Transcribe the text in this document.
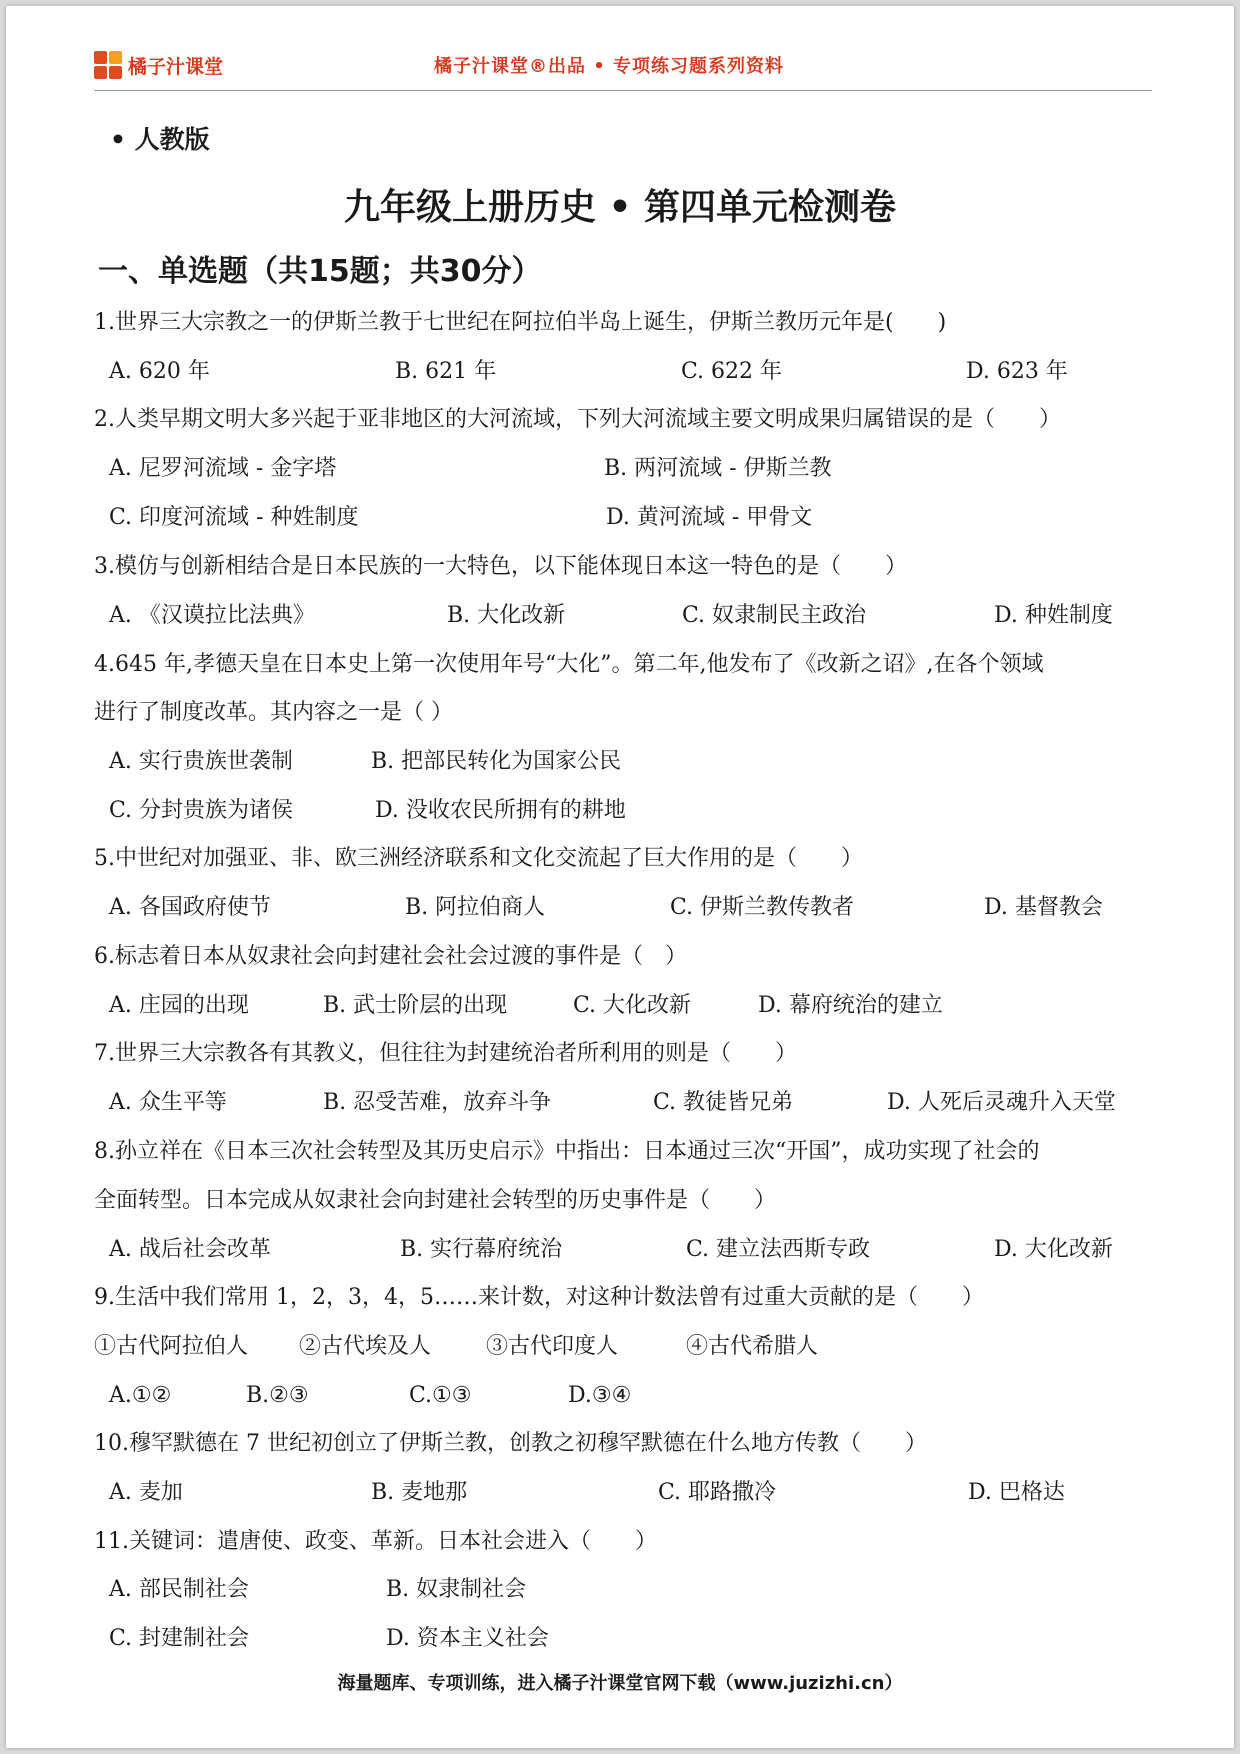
橘子汁课堂	橘子汁课堂®出品 • 专项练习题系列资料
• 人教版
九年级上册历史 • 第四单元检测卷
一、单选题（共15题；共30分）
1.世界三大宗教之一的伊斯兰教于七世纪在阿拉伯半岛上诞生，伊斯兰教历元年是(　　)
A. 620 年	B. 621 年	C. 622 年	D. 623 年
2.人类早期文明大多兴起于亚非地区的大河流域，下列大河流域主要文明成果归属错误的是（　　）
A. 尼罗河流域 - 金字塔	B. 两河流域 - 伊斯兰教
C. 印度河流域 - 种姓制度	D. 黄河流域 - 甲骨文
3.模仿与创新相结合是日本民族的一大特色，以下能体现日本这一特色的是（　　）
A. 《汉谟拉比法典》	B. 大化改新	C. 奴隶制民主政治	D. 种姓制度
4.645 年,孝德天皇在日本史上第一次使用年号“大化”。第二年,他发布了《改新之诏》,在各个领域
进行了制度改革。其内容之一是（ ）
A. 实行贵族世袭制	B. 把部民转化为国家公民
C. 分封贵族为诸侯	D. 没收农民所拥有的耕地
5.中世纪对加强亚、非、欧三洲经济联系和文化交流起了巨大作用的是（　　）
A. 各国政府使节	B. 阿拉伯商人	C. 伊斯兰教传教者	D. 基督教会
6.标志着日本从奴隶社会向封建社会社会过渡的事件是（　）
A. 庄园的出现	B. 武士阶层的出现	C. 大化改新	D. 幕府统治的建立
7.世界三大宗教各有其教义，但往往为封建统治者所利用的则是（　　）
A. 众生平等	B. 忍受苦难，放弃斗争	C. 教徒皆兄弟	D. 人死后灵魂升入天堂
8.孙立祥在《日本三次社会转型及其历史启示》中指出：日本通过三次“开国”，成功实现了社会的
全面转型。日本完成从奴隶社会向封建社会转型的历史事件是（　　）
A. 战后社会改革	B. 实行幕府统治	C. 建立法西斯专政	D. 大化改新
9.生活中我们常用 1，2，3，4，5……来计数，对这种计数法曾有过重大贡献的是（　　）
①古代阿拉伯人 ②古代埃及人 ③古代印度人	④古代希腊人
A.①②	B.②③	C.①③	D.③④
10.穆罕默德在 7 世纪初创立了伊斯兰教，创教之初穆罕默德在什么地方传教（　　）
A. 麦加	B. 麦地那	C. 耶路撒冷	D. 巴格达
11.关键词：遣唐使、政变、革新。日本社会进入（　　）
A. 部民制社会	B. 奴隶制社会
C. 封建制社会	D. 资本主义社会
海量题库、专项训练，进入橘子汁课堂官网下载（www.juzizhi.cn）
